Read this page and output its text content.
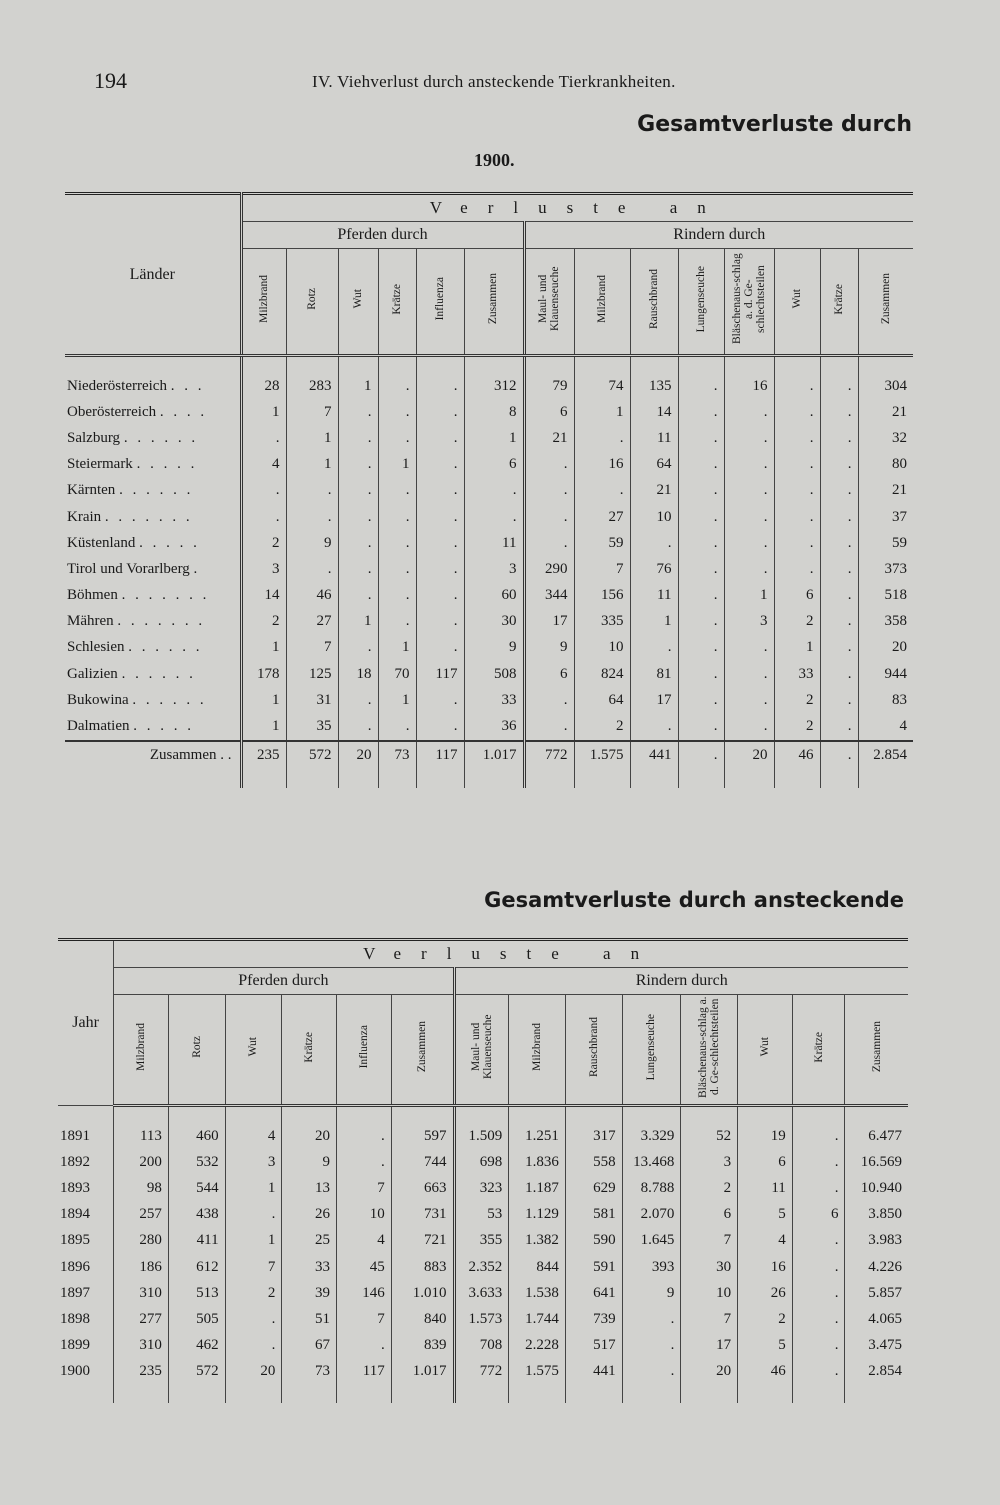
194	IV. Viehverlust durch ansteckende Tierkrankheiten.
Gesamtverluste durch
1900.
Länder	Verluste an													
	Pferden durch						Rindern durch							
	Milzbrand	Rotz	Wut	Krätze	Influenza	Zusammen	Maul- und Klauenseuche	Milzbrand	Rauschbrand	Lungenseuche	Bläschenaus-schlag a. d. Ge-schlechtsteilen	Wut	Krätze	Zusammen

Niederösterreich . . .	28	283	1	.	.	312	79	74	135	.	16	.	.	304
Oberösterreich . . . .	1	7	.	.	.	8	6	1	14	.	.	.	.	21
Salzburg . . . . . .	.	1	.	.	.	1	21	.	11	.	.	.	.	32
Steiermark . . . . .	4	1	.	1	.	6	.	16	64	.	.	.	.	80
Kärnten . . . . . .	.	.	.	.	.	.	.	.	21	.	.	.	.	21
Krain . . . . . . .	.	.	.	.	.	.	.	27	10	.	.	.	.	37
Küstenland . . . . .	2	9	.	.	.	11	.	59	.	.	.	.	.	59
Tirol und Vorarlberg .	3	.	.	.	.	3	290	7	76	.	.	.	.	373
Böhmen . . . . . . .	14	46	.	.	.	60	344	156	11	.	1	6	.	518
Mähren . . . . . . .	2	27	1	.	.	30	17	335	1	.	3	2	.	358
Schlesien . . . . . .	1	7	.	1	.	9	9	10	.	.	.	1	.	20
Galizien . . . . . .	178	125	18	70	117	508	6	824	81	.	.	33	.	944
Bukowina . . . . . .	1	31	.	1	.	33	.	64	17	.	.	2	.	83
Dalmatien . . . . .	1	35	.	.	.	36	.	2	.	.	.	2	.	4
Zusammen . .	235	572	20	73	117	1.017	772	1.575	441	.	20	46	.	2.854

Gesamtverluste durch ansteckende
Jahr	Verluste an													
	Pferden durch						Rindern durch							
	Milzbrand	Rotz	Wut	Krätze	Influenza	Zusammen	Maul- und Klauenseuche	Milzbrand	Rauschbrand	Lungenseuche	Bläschenaus-schlag a. d. Ge-schlechtsteilen	Wut	Krätze	Zusammen

1891	113	460	4	20	.	597	1.509	1.251	317	3.329	52	19	.	6.477
1892	200	532	3	9	.	744	698	1.836	558	13.468	3	6	.	16.569
1893	98	544	1	13	7	663	323	1.187	629	8.788	2	11	.	10.940
1894	257	438	.	26	10	731	53	1.129	581	2.070	6	5	6	3.850
1895	280	411	1	25	4	721	355	1.382	590	1.645	7	4	.	3.983
1896	186	612	7	33	45	883	2.352	844	591	393	30	16	.	4.226
1897	310	513	2	39	146	1.010	3.633	1.538	641	9	10	26	.	5.857
1898	277	505	.	51	7	840	1.573	1.744	739	.	7	2	.	4.065
1899	310	462	.	67	.	839	708	2.228	517	.	17	5	.	3.475
1900	235	572	20	73	117	1.017	772	1.575	441	.	20	46	.	2.854
